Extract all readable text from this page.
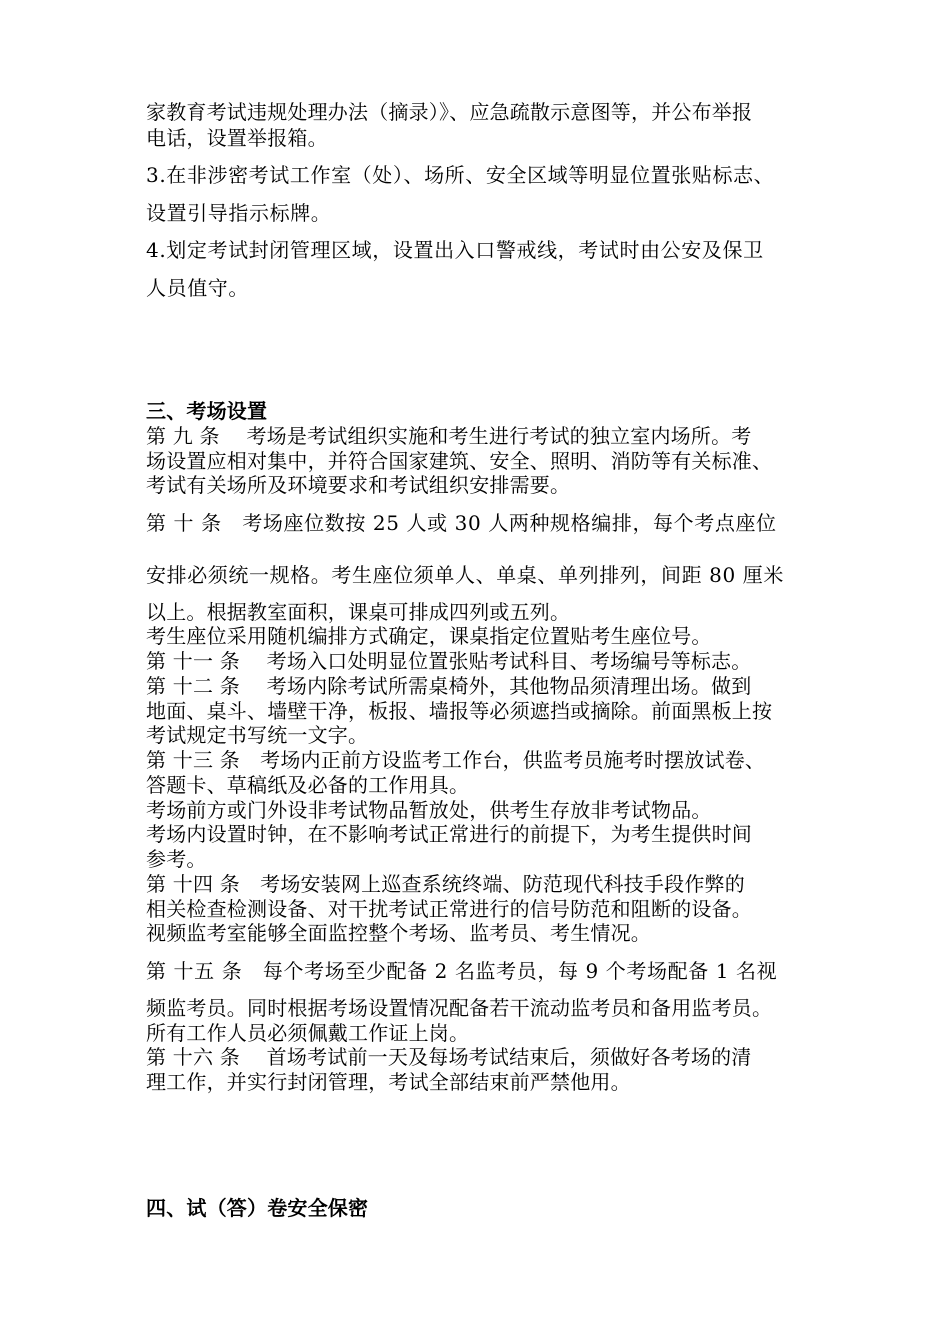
家教育考试违规处理办法（摘录）》、应急疏散示意图等，并公布举报
电话，设置举报箱。
3.在非涉密考试工作室（处）、场所、安全区域等明显位置张贴标志、
设置引导指示标牌。
4.划定考试封闭管理区域，设置出入口警戒线，考试时由公安及保卫
人员值守。
三、考场设置
第 九 条　 考场是考试组织实施和考生进行考试的独立室内场所。考
场设置应相对集中，并符合国家建筑、安全、照明、消防等有关标准、
考试有关场所及环境要求和考试组织安排需要。
第 十 条　考场座位数按 25 人或 30 人两种规格编排，每个考点座位
安排必须统一规格。考生座位须单人、单桌、单列排列，间距 80 厘米
以上。根据教室面积，课桌可排成四列或五列。
考生座位采用随机编排方式确定，课桌指定位置贴考生座位号。
第 十一 条　 考场入口处明显位置张贴考试科目、考场编号等标志。
第 十二 条　 考场内除考试所需桌椅外，其他物品须清理出场。做到
地面、桌斗、墙壁干净，板报、墙报等必须遮挡或摘除。前面黑板上按
考试规定书写统一文字。
第 十三 条　考场内正前方设监考工作台，供监考员施考时摆放试卷、
答题卡、草稿纸及必备的工作用具。
考场前方或门外设非考试物品暂放处，供考生存放非考试物品。
考场内设置时钟，在不影响考试正常进行的前提下，为考生提供时间
参考。
第 十四 条　考场安装网上巡查系统终端、防范现代科技手段作弊的
相关检查检测设备、对干扰考试正常进行的信号防范和阻断的设备。
视频监考室能够全面监控整个考场、监考员、考生情况。
第 十五 条　每个考场至少配备 2 名监考员，每 9 个考场配备 1 名视
频监考员。同时根据考场设置情况配备若干流动监考员和备用监考员。
所有工作人员必须佩戴工作证上岗。
第 十六 条　 首场考试前一天及每场考试结束后，须做好各考场的清
理工作，并实行封闭管理，考试全部结束前严禁他用。
四、试（答）卷安全保密
